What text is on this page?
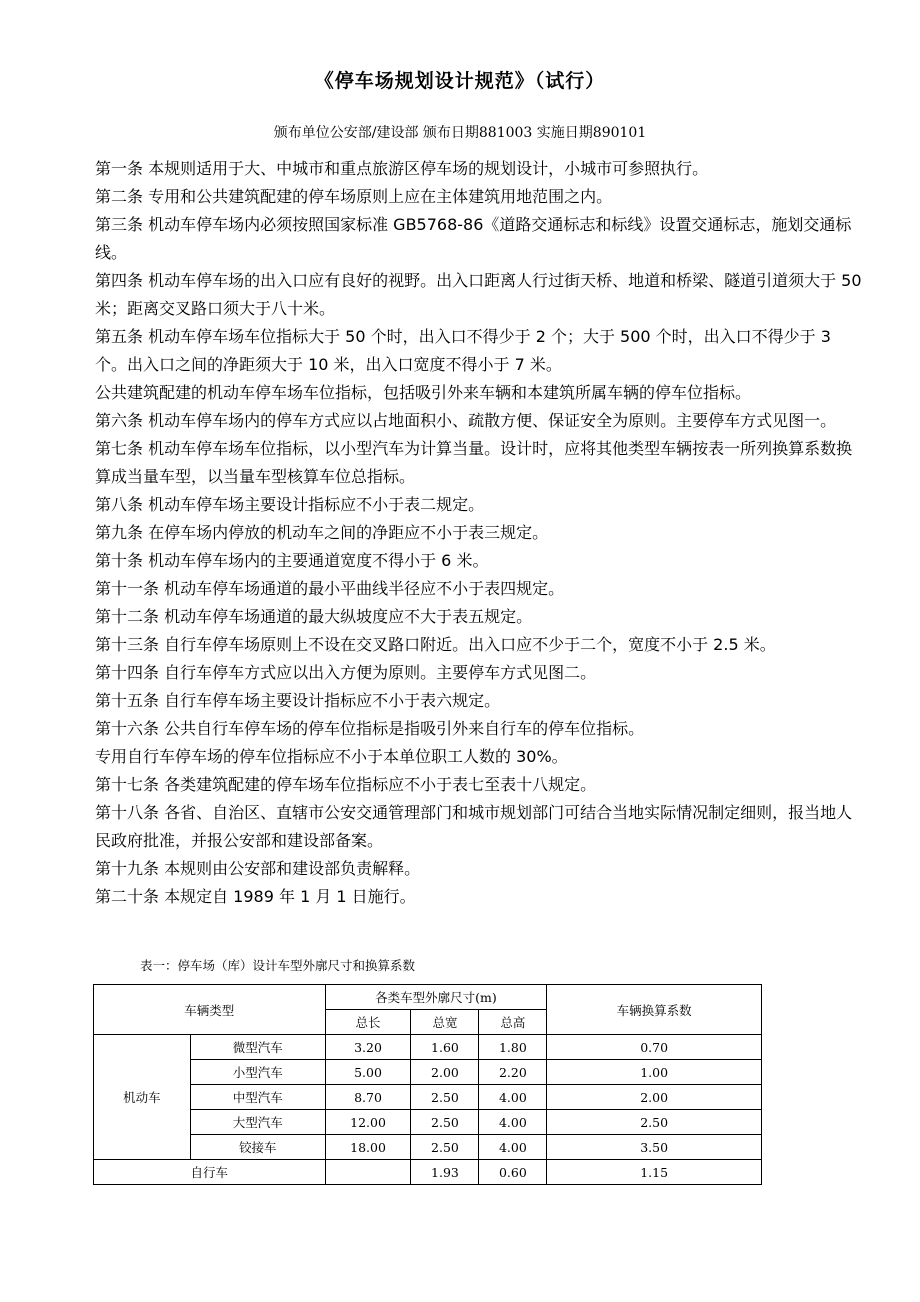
《停车场规划设计规范》（试行）
颁布单位公安部/建设部 颁布日期881003 实施日期890101

第一条 本规则适用于大、中城市和重点旅游区停车场的规划设计，小城市可参照执行。

第二条 专用和公共建筑配建的停车场原则上应在主体建筑用地范围之内。

第三条 机动车停车场内必须按照国家标准 GB5768-86《道路交通标志和标线》设置交通标志，施划交通标线。

第四条 机动车停车场的出入口应有良好的视野。出入口距离人行过街天桥、地道和桥梁、隧道引道须大于 50 米；距离交叉路口须大于八十米。

第五条 机动车停车场车位指标大于 50 个时，出入口不得少于 2 个；大于 500 个时，出入口不得少于 3 个。出入口之间的净距须大于 10 米，出入口宽度不得小于 7 米。

公共建筑配建的机动车停车场车位指标，包括吸引外来车辆和本建筑所属车辆的停车位指标。

第六条 机动车停车场内的停车方式应以占地面积小、疏散方便、保证安全为原则。主要停车方式见图一。

第七条 机动车停车场车位指标，以小型汽车为计算当量。设计时，应将其他类型车辆按表一所列换算系数换算成当量车型，以当量车型核算车位总指标。

第八条 机动车停车场主要设计指标应不小于表二规定。

第九条 在停车场内停放的机动车之间的净距应不小于表三规定。

第十条 机动车停车场内的主要通道宽度不得小于 6 米。

第十一条 机动车停车场通道的最小平曲线半径应不小于表四规定。

第十二条 机动车停车场通道的最大纵坡度应不大于表五规定。

第十三条 自行车停车场原则上不设在交叉路口附近。出入口应不少于二个，宽度不小于 2.5 米。

第十四条 自行车停车方式应以出入方便为原则。主要停车方式见图二。

第十五条 自行车停车场主要设计指标应不小于表六规定。

第十六条 公共自行车停车场的停车位指标是指吸引外来自行车的停车位指标。

专用自行车停车场的停车位指标应不小于本单位职工人数的 30%。

第十七条 各类建筑配建的停车场车位指标应不小于表七至表十八规定。

第十八条 各省、自治区、直辖市公安交通管理部门和城市规划部门可结合当地实际情况制定细则，报当地人民政府批准，并报公安部和建设部备案。

第十九条 本规则由公安部和建设部负责解释。

第二十条 本规定自 1989 年 1 月 1 日施行。

表一：停车场（库）设计车型外廓尺寸和换算系数
车辆类型		各类车型外廓尺寸(m)			车辆换算系数
		总长	总宽	总高	
机动车	微型汽车	3.20	1.60	1.80	0.70
	小型汽车	5.00	2.00	2.20	1.00
	中型汽车	8.70	2.50	4.00	2.00
	大型汽车	12.00	2.50	4.00	2.50
	铰接车	18.00	2.50	4.00	3.50
自行车			1.93	0.60	1.15
